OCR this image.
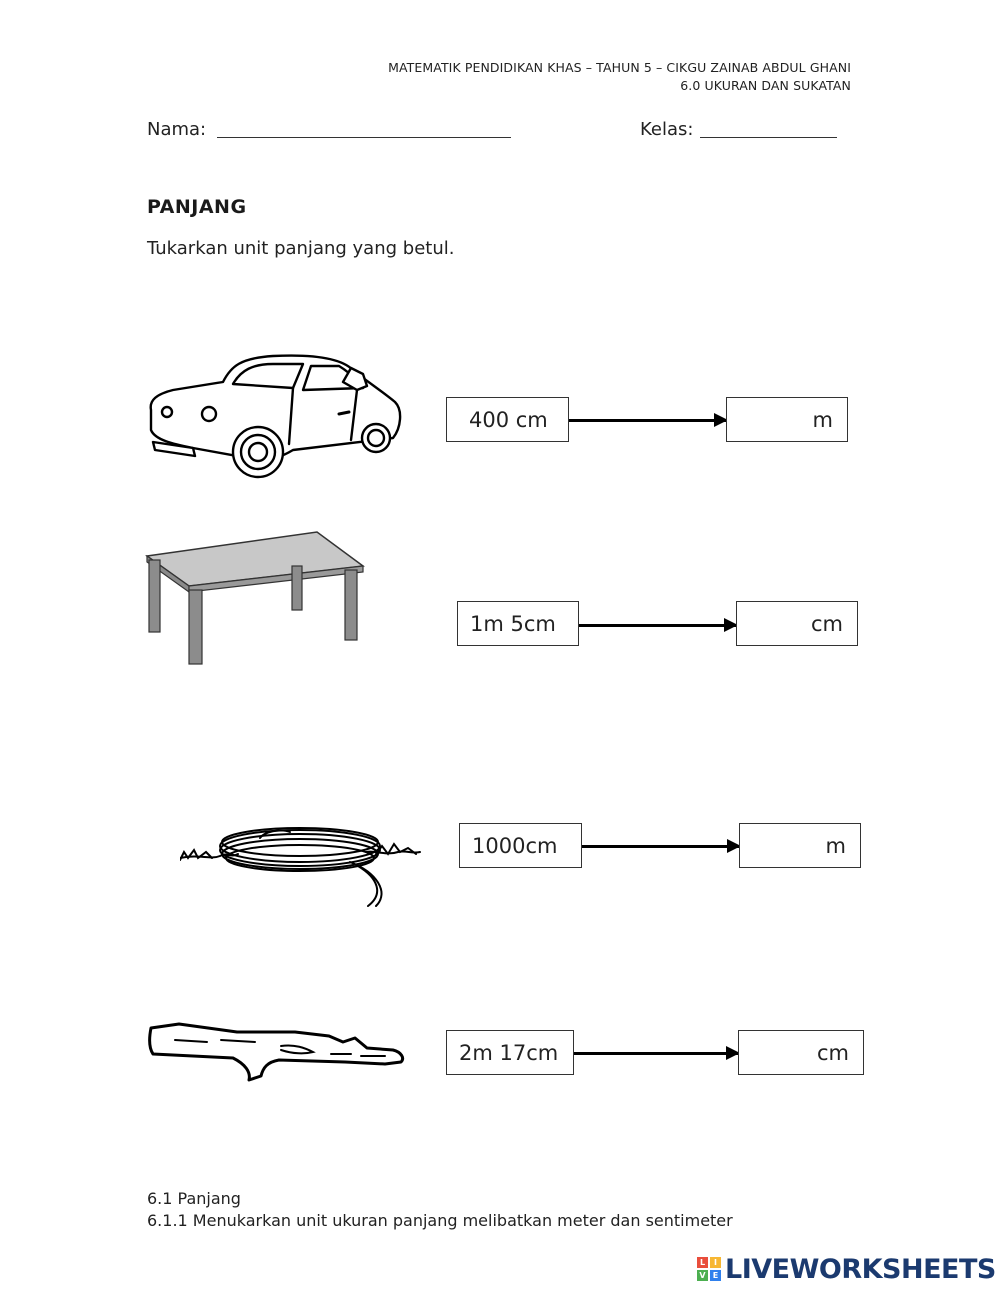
MATEMATIK PENDIDIKAN KHAS – TAHUN 5 – CIKGU ZAINAB ABDUL GHANI
6.0 UKURAN DAN SUKATAN
Nama:	Kelas:
PANJANG
Tukarkan unit panjang yang betul.
400 cm	m
1m 5cm	cm
1000cm	m
2m 17cm	cm
6.1 Panjang
6.1.1 Menukarkan unit ukuran panjang melibatkan meter dan sentimeter
L	I
V E LIVEWORKSHEETS
